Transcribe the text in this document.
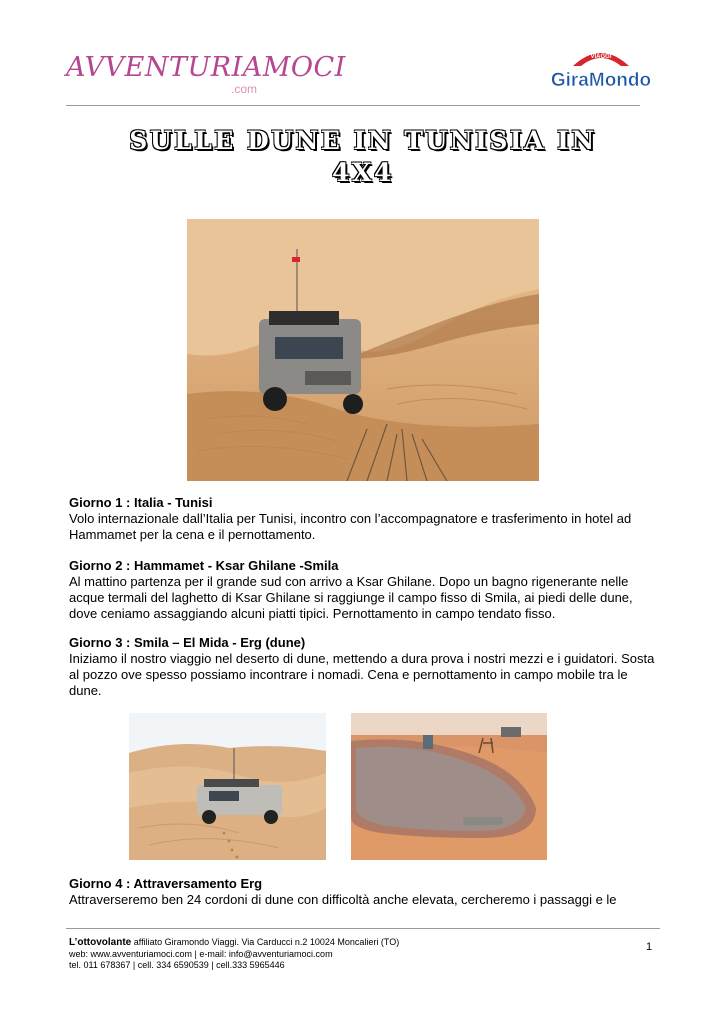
AVVENTURIAMOCI
.com
VIAGGI
GiraMondo
SULLE DUNE IN TUNISIA IN
4X4
Giorno 1 : Italia - Tunisi
Volo internazionale dall’Italia per Tunisi, incontro con l’accompagnatore e trasferimento in hotel ad Hammamet per la cena e il pernottamento.
Giorno 2 : Hammamet - Ksar Ghilane -Smila
Al mattino partenza per il grande sud con arrivo a Ksar Ghilane. Dopo un bagno rigenerante nelle acque termali del laghetto di Ksar Ghilane si raggiunge il campo fisso di Smila, ai piedi delle dune, dove ceniamo assaggiando alcuni piatti tipici. Pernottamento in campo tendato fisso.
Giorno 3 : Smila – El Mida - Erg (dune)
Iniziamo il nostro viaggio nel deserto di dune, mettendo a dura prova i nostri mezzi e i guidatori. Sosta al pozzo ove spesso possiamo incontrare i nomadi. Cena e pernottamento in campo mobile tra le dune.
Giorno 4 : Attraversamento Erg
Attraverseremo ben 24 cordoni di dune con difficoltà anche elevata, cercheremo i passaggi e le
L’ottovolante affiliato Giramondo Viaggi. Via Carducci n.2 10024 Moncalieri (TO)
web: www.avventuriamoci.com | e-mail: info@avventuriamoci.com
tel. 011 678367 | cell. 334 6590539 | cell.333 5965446
1
